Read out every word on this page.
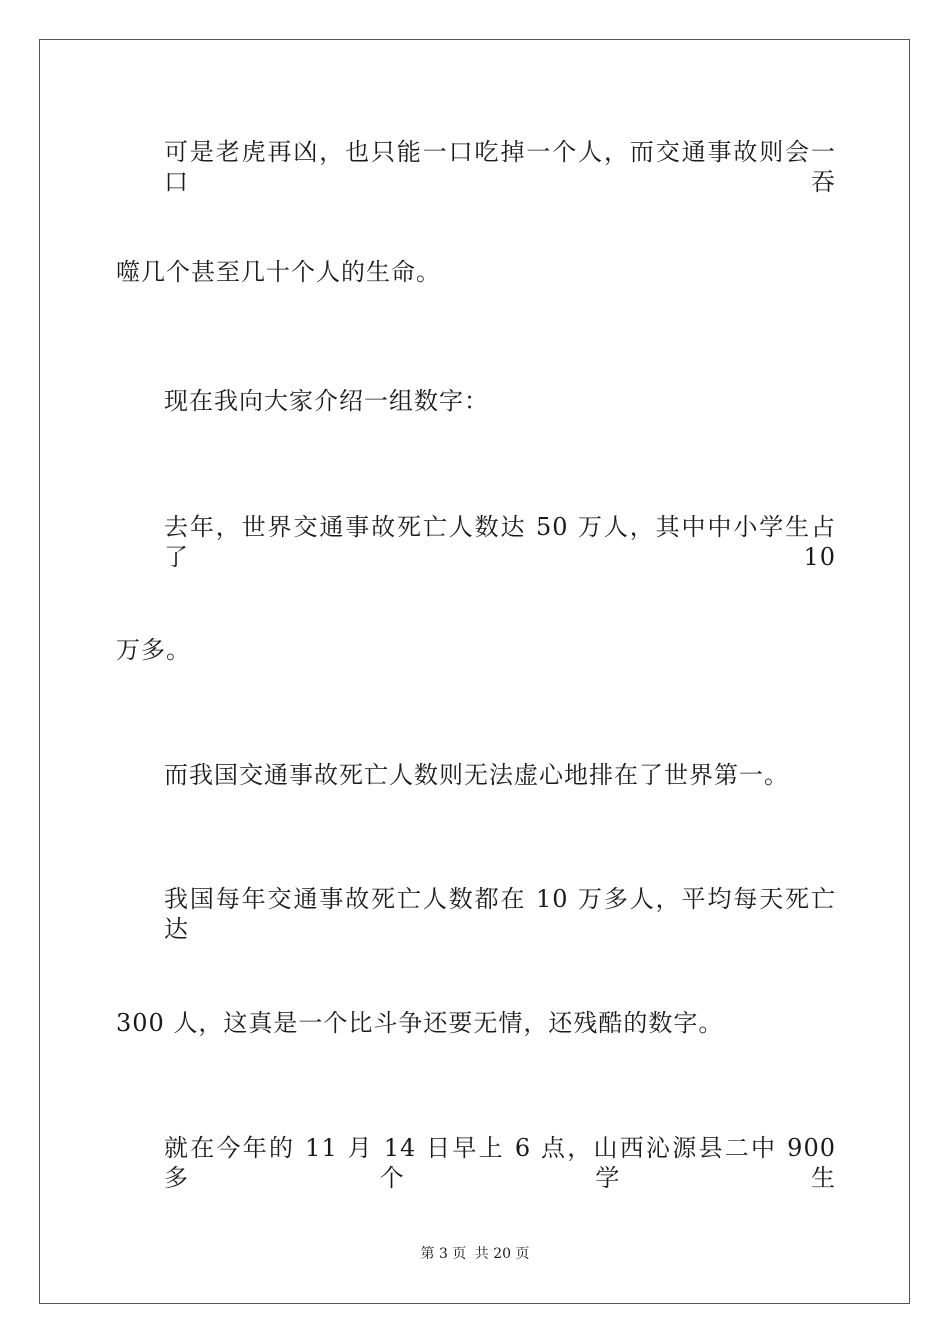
可是老虎再凶，也只能一口吃掉一个人，而交通事故则会一口吞
噬几个甚至几十个人的生命。
现在我向大家介绍一组数字：
去年，世界交通事故死亡人数达 50 万人，其中中小学生占了 10
万多。
而我国交通事故死亡人数则无法虚心地排在了世界第一。
我国每年交通事故死亡人数都在 10 万多人，平均每天死亡达
300 人，这真是一个比斗争还要无情，还残酷的数字。
就在今年的 11 月 14 日早上 6 点，山西沁源县二中 900 多个学生
第 3 页 共 20 页
